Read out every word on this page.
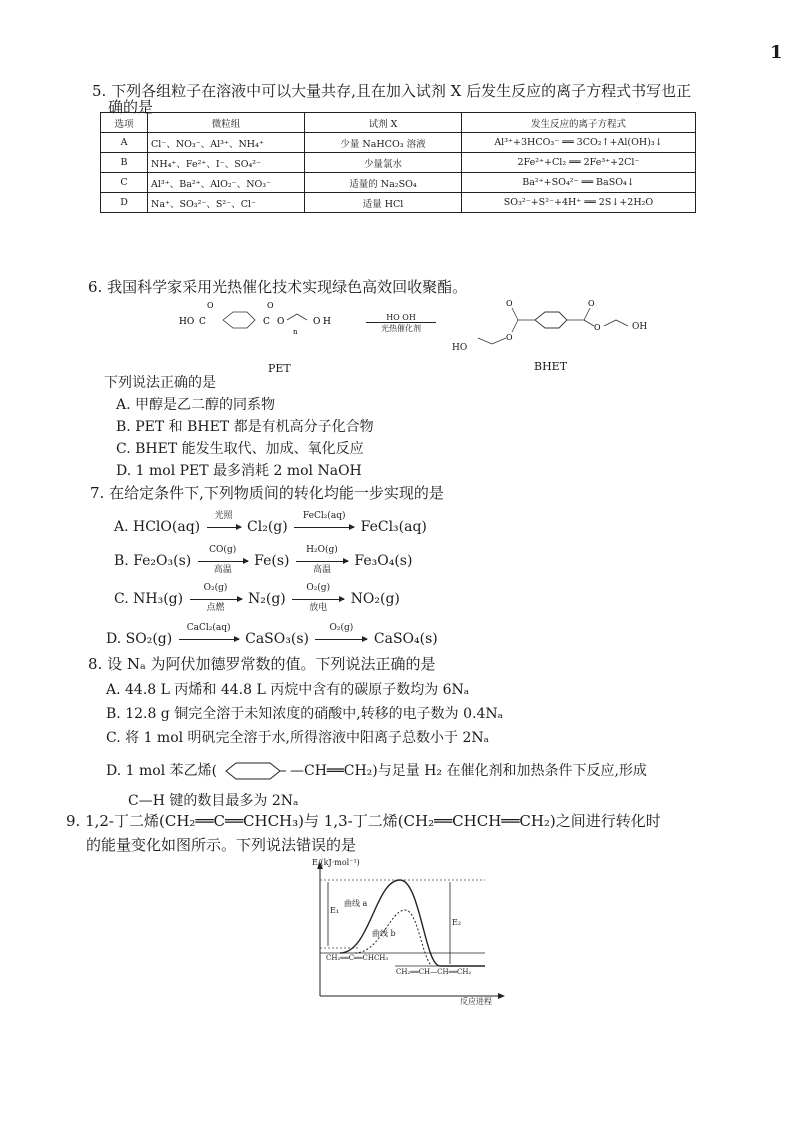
1
5. 下列各组粒子在溶液中可以大量共存,且在加入试剂 X 后发生反应的离子方程式书写也正
确的是
选项	微粒组	试剂 X	发生反应的离子方程式
A	Cl⁻、NO₃⁻、Al³⁺、NH₄⁺	少量 NaHCO₃ 溶液	Al³⁺+3HCO₃⁻ ══ 3CO₂↑+Al(OH)₃↓
B	NH₄⁺、Fe²⁺、I⁻、SO₄²⁻	少量氯水	2Fe²⁺+Cl₂ ══ 2Fe³⁺+2Cl⁻
C	Al³⁺、Ba²⁺、AlO₂⁻、NO₃⁻	适量的 Na₂SO₄	Ba²⁺+SO₄²⁻ ══ BaSO₄↓
D	Na⁺、SO₃²⁻、S²⁻、Cl⁻	适量 HCl	SO₃²⁻+S²⁻+4H⁺ ══ 2S↓+2H₂O
6. 我国科学家采用光热催化技术实现绿色高效回收聚酯。
HO C
O
C
O
O	O H
n
PET
HO OH
光热催化剂
O
O
O
O
HO
OH
BHET
下列说法正确的是
A. 甲醇是乙二醇的同系物
B. PET 和 BHET 都是有机高分子化合物
C. BHET 能发生取代、加成、氧化反应
D. 1 mol PET 最多消耗 2 mol NaOH
7. 在给定条件下,下列物质间的转化均能一步实现的是
A. HClO(aq)
光照
Cl₂(g)
FeCl₂(aq)
FeCl₃(aq)
B. Fe₂O₃(s)
CO(g)
高温
Fe(s)
H₂O(g)
高温
Fe₃O₄(s)
C. NH₃(g)
O₂(g)
点燃
N₂(g)
O₂(g)
放电
NO₂(g)
D. SO₂(g)
CaCl₂(aq)
CaSO₃(s)
O₂(g)
CaSO₄(s)
8. 设 Nₐ 为阿伏加德罗常数的值。下列说法正确的是
A. 44.8 L 丙烯和 44.8 L 丙烷中含有的碳原子数均为 6Nₐ
B. 12.8 g 铜完全溶于未知浓度的硝酸中,转移的电子数为 0.4Nₐ
C. 将 1 mol 明矾完全溶于水,所得溶液中阳离子总数小于 2Nₐ
D. 1 mol 苯乙烯(	—CH══CH₂)与足量 H₂ 在催化剂和加热条件下反应,形成
C—H 键的数目最多为 2Nₐ
9. 1,2-丁二烯(CH₂══C══CHCH₃)与 1,3-丁二烯(CH₂══CHCH══CH₂)之间进行转化时
的能量变化如图所示。下列说法错误的是
E/(kJ·mol⁻¹)
反应进程
曲线 a
曲线 b
E₁
E₂
CH₂══C══CHCH₃
CH₂══CH—CH══CH₂
